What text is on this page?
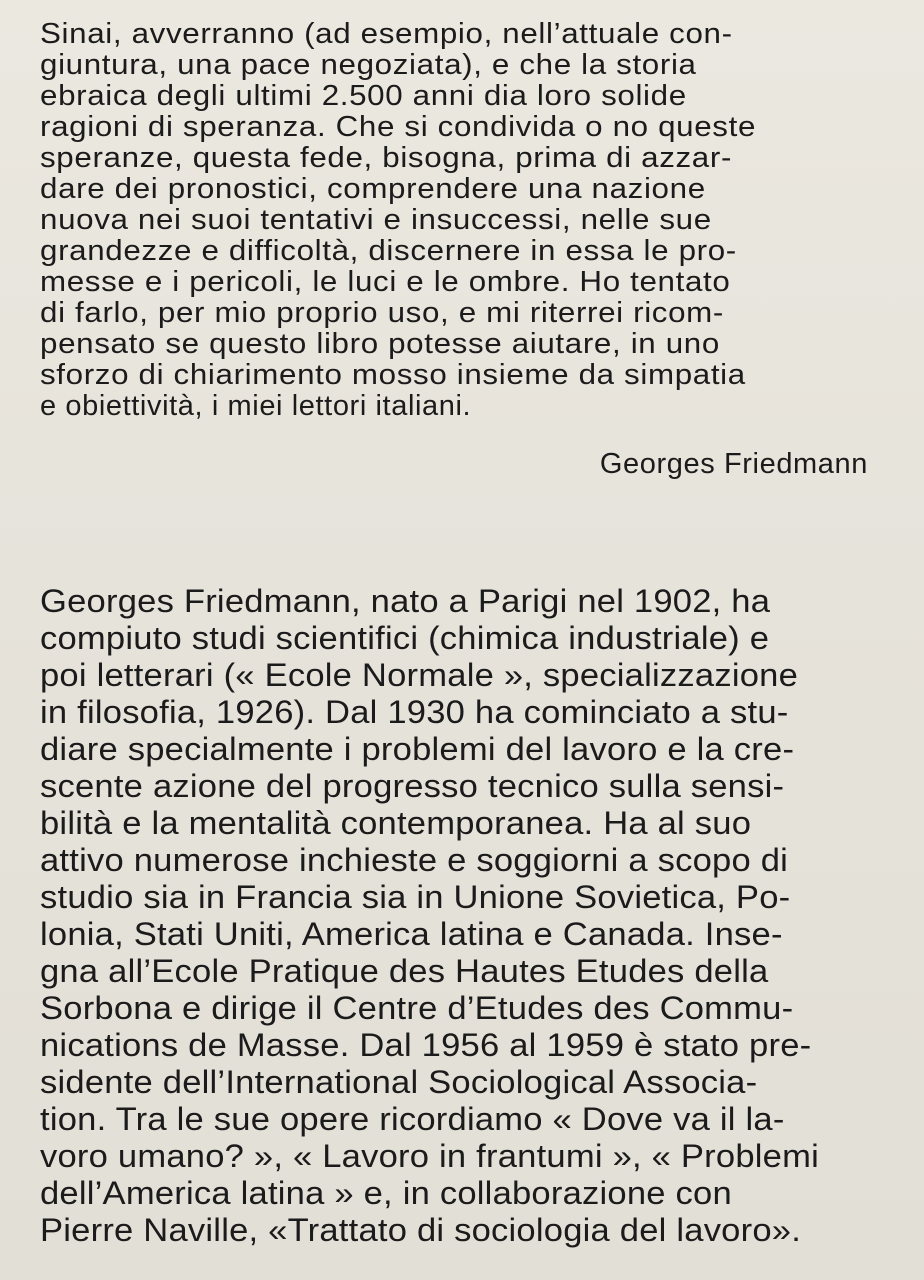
Sinai, avverranno (ad esempio, nell’attuale con-

giuntura, una pace negoziata), e che la storia

ebraica degli ultimi 2.500 anni dia loro solide

ragioni di speranza. Che si condivida o no queste

speranze, questa fede, bisogna, prima di azzar-

dare dei pronostici, comprendere una nazione

nuova nei suoi tentativi e insuccessi, nelle sue

grandezze e difficoltà, discernere in essa le pro-

messe e i pericoli, le luci e le ombre. Ho tentato

di farlo, per mio proprio uso, e mi riterrei ricom-

pensato se questo libro potesse aiutare, in uno

sforzo di chiarimento mosso insieme da simpatia

e obiettività, i miei lettori italiani.

Georges Friedmann

Georges Friedmann, nato a Parigi nel 1902, ha

compiuto studi scientifici (chimica industriale) e

poi letterari (« Ecole Normale », specializzazione

in filosofia, 1926). Dal 1930 ha cominciato a stu-

diare specialmente i problemi del lavoro e la cre-

scente azione del progresso tecnico sulla sensi-

bilità e la mentalità contemporanea. Ha al suo

attivo numerose inchieste e soggiorni a scopo di

studio sia in Francia sia in Unione Sovietica, Po-

lonia, Stati Uniti, America latina e Canada. Inse-

gna all’Ecole Pratique des Hautes Etudes della

Sorbona e dirige il Centre d’Etudes des Commu-

nications de Masse. Dal 1956 al 1959 è stato pre-

sidente dell’International Sociological Associa-

tion. Tra le sue opere ricordiamo « Dove va il la-

voro umano? », « Lavoro in frantumi », « Problemi

dell’America latina » e, in collaborazione con

Pierre Naville, «Trattato di sociologia del lavoro».
